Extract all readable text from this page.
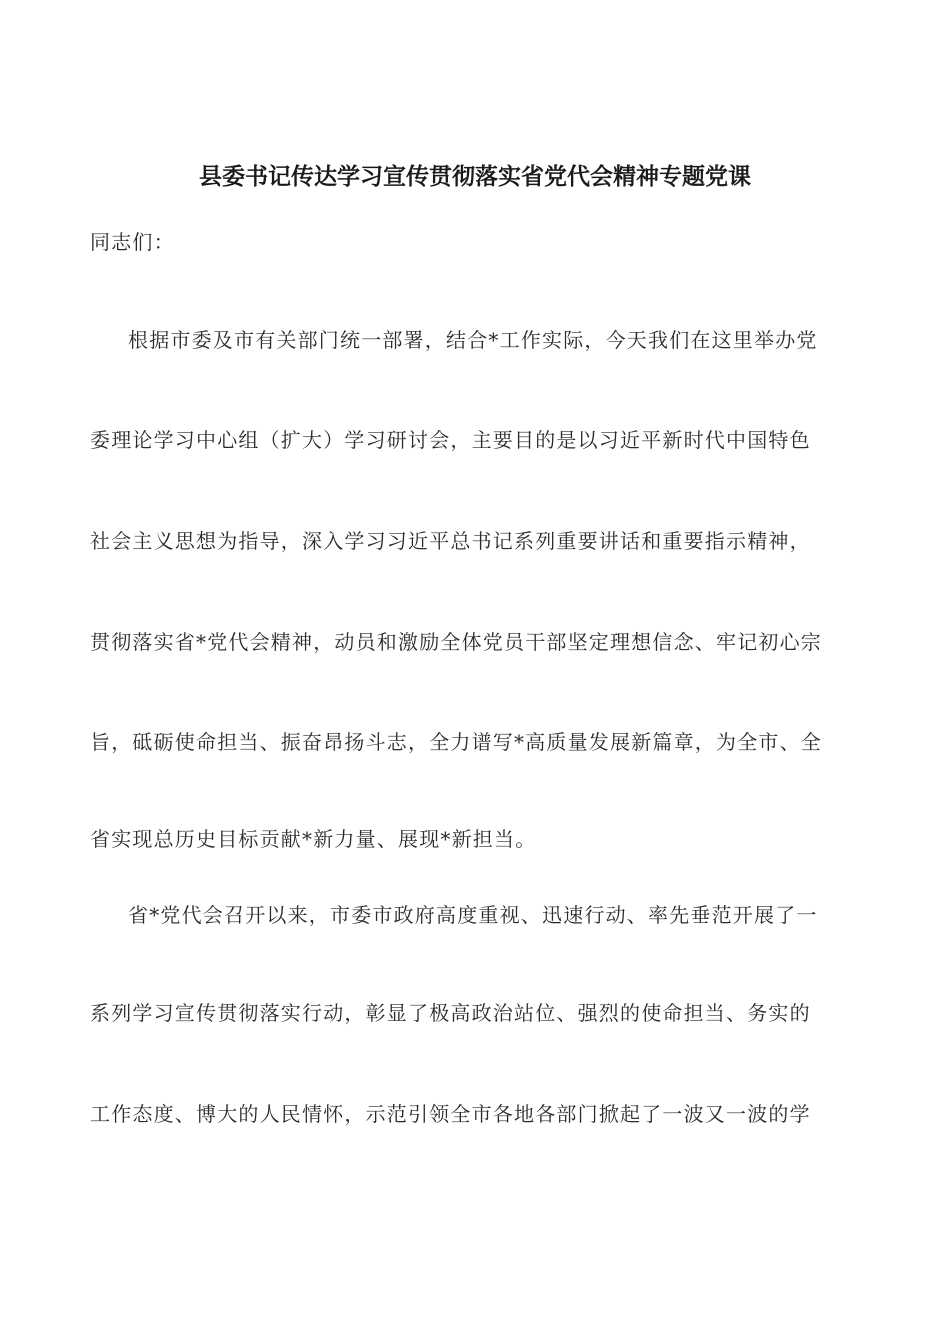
县委书记传达学习宣传贯彻落实省党代会精神专题党课

同志们：

根据市委及市有关部门统一部署，结合*工作实际，今天我们在这里举办党

委理论学习中心组（扩大）学习研讨会，主要目的是以习近平新时代中国特色

社会主义思想为指导，深入学习习近平总书记系列重要讲话和重要指示精神，

贯彻落实省*党代会精神，动员和激励全体党员干部坚定理想信念、牢记初心宗

旨，砥砺使命担当、振奋昂扬斗志，全力谱写*高质量发展新篇章，为全市、全

省实现总历史目标贡献*新力量、展现*新担当。

省*党代会召开以来，市委市政府高度重视、迅速行动、率先垂范开展了一

系列学习宣传贯彻落实行动，彰显了极高政治站位、强烈的使命担当、务实的

工作态度、博大的人民情怀，示范引领全市各地各部门掀起了一波又一波的学
